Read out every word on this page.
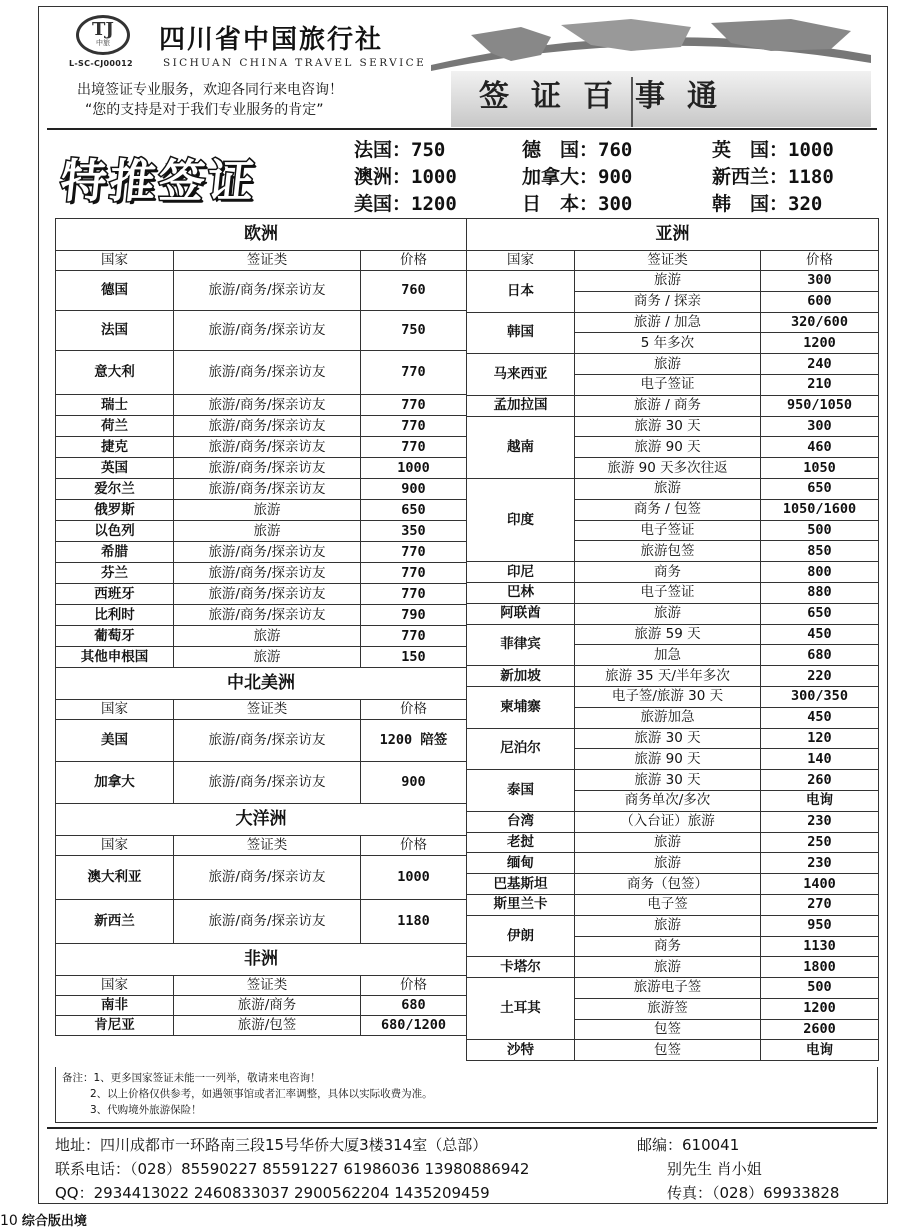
TJ
中旅
L-SC-CJ00012
四川省中国旅行社
SICHUAN CHINA TRAVEL SERVICE
出境签证专业服务，欢迎各同行来电咨询！
“您的支持是对于我们专业服务的肯定”	签证百事通
特推签证
法国：750	德　国：760	英　国：1000
澳洲：1000	加拿大：900	新西兰：1180
美国：1200	日　本：300	韩　国：320
欧洲		
国家	签证类	价格
德国	旅游/商务/探亲访友	760
法国	旅游/商务/探亲访友	750
意大利	旅游/商务/探亲访友	770
瑞士	旅游/商务/探亲访友	770
荷兰	旅游/商务/探亲访友	770
捷克	旅游/商务/探亲访友	770
英国	旅游/商务/探亲访友	1000
爱尔兰	旅游/商务/探亲访友	900
俄罗斯	旅游	650
以色列	旅游	350
希腊	旅游/商务/探亲访友	770
芬兰	旅游/商务/探亲访友	770
西班牙	旅游/商务/探亲访友	770
比利时	旅游/商务/探亲访友	790
葡萄牙	旅游	770
其他申根国	旅游	150
中北美洲		
国家	签证类	价格
美国	旅游/商务/探亲访友	1200 陪签
加拿大	旅游/商务/探亲访友	900
大洋洲		
国家	签证类	价格
澳大利亚	旅游/商务/探亲访友	1000
新西兰	旅游/商务/探亲访友	1180
非洲		
国家	签证类	价格
南非	旅游/商务	680
肯尼亚	旅游/包签	680/1200
亚洲		
国家	签证类	价格
日本	旅游	300
	商务 / 探亲	600
韩国	旅游 / 加急	320/600
	5 年多次	1200
马来西亚	旅游	240
	电子签证	210
孟加拉国	旅游 / 商务	950/1050
越南	旅游 30 天	300
	旅游 90 天	460
	旅游 90 天多次往返	1050
印度	旅游	650
	商务 / 包签	1050/1600
	电子签证	500
	旅游包签	850
印尼	商务	800
巴林	电子签证	880
阿联酋	旅游	650
菲律宾	旅游 59 天	450
	加急	680
新加坡	旅游 35 天/半年多次	220
柬埔寨	电子签/旅游 30 天	300/350
	旅游加急	450
尼泊尔	旅游 30 天	120
	旅游 90 天	140
泰国	旅游 30 天	260
	商务单次/多次	电询
台湾	（入台证）旅游	230
老挝	旅游	250
缅甸	旅游	230
巴基斯坦	商务（包签）	1400
斯里兰卡	电子签	270
伊朗	旅游	950
	商务	1130
卡塔尔	旅游	1800
土耳其	旅游电子签	500
	旅游签	1200
	包签	2600
沙特	包签	电询
备注：1、更多国家签证未能一一列举，敬请来电咨询！
2、以上价格仅供参考，如遇领事馆或者汇率调整，具体以实际收费为准。
3、代购境外旅游保险！
地址：四川成都市一环路南三段15号华侨大厦3楼314室（总部）	邮编：610041
联系电话：（028）85590227 85591227 61986036 13980886942	别先生 肖小姐
QQ：2934413022 2460833037 2900562204 1435209459	传真：（028）69933828
10 综合版出境
